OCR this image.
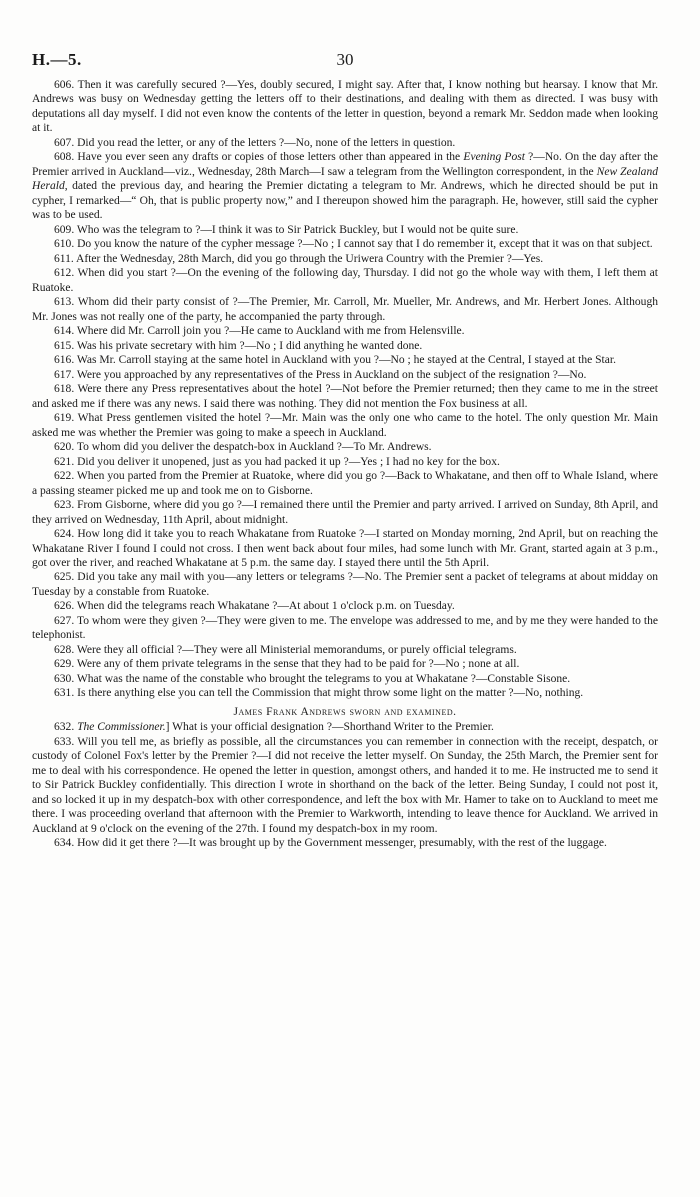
H.—5.	30

606. Then it was carefully secured ?—Yes, doubly secured, I might say. After that, I know nothing but hearsay. I know that Mr. Andrews was busy on Wednesday getting the letters off to their destinations, and dealing with them as directed. I was busy with deputations all day myself. I did not even know the contents of the letter in question, beyond a remark Mr. Seddon made when looking at it.

607. Did you read the letter, or any of the letters ?—No, none of the letters in question.

608. Have you ever seen any drafts or copies of those letters other than appeared in the Evening Post ?—No. On the day after the Premier arrived in Auckland—viz., Wednesday, 28th March—I saw a telegram from the Wellington correspondent, in the New Zealand Herald, dated the previous day, and hearing the Premier dictating a telegram to Mr. Andrews, which he directed should be put in cypher, I remarked—“ Oh, that is public property now,” and I thereupon showed him the paragraph. He, however, still said the cypher was to be used.

609. Who was the telegram to ?—I think it was to Sir Patrick Buckley, but I would not be quite sure.

610. Do you know the nature of the cypher message ?—No ; I cannot say that I do remember it, except that it was on that subject.

611. After the Wednesday, 28th March, did you go through the Uriwera Country with the Premier ?—Yes.

612. When did you start ?—On the evening of the following day, Thursday. I did not go the whole way with them, I left them at Ruatoke.

613. Whom did their party consist of ?—The Premier, Mr. Carroll, Mr. Mueller, Mr. Andrews, and Mr. Herbert Jones. Although Mr. Jones was not really one of the party, he accompanied the party through.

614. Where did Mr. Carroll join you ?—He came to Auckland with me from Helensville.

615. Was his private secretary with him ?—No ; I did anything he wanted done.

616. Was Mr. Carroll staying at the same hotel in Auckland with you ?—No ; he stayed at the Central, I stayed at the Star.

617. Were you approached by any representatives of the Press in Auckland on the subject of the resignation ?—No.

618. Were there any Press representatives about the hotel ?—Not before the Premier returned; then they came to me in the street and asked me if there was any news. I said there was nothing. They did not mention the Fox business at all.

619. What Press gentlemen visited the hotel ?—Mr. Main was the only one who came to the hotel. The only question Mr. Main asked me was whether the Premier was going to make a speech in Auckland.

620. To whom did you deliver the despatch-box in Auckland ?—To Mr. Andrews.

621. Did you deliver it unopened, just as you had packed it up ?—Yes ; I had no key for the box.

622. When you parted from the Premier at Ruatoke, where did you go ?—Back to Whakatane, and then off to Whale Island, where a passing steamer picked me up and took me on to Gisborne.

623. From Gisborne, where did you go ?—I remained there until the Premier and party arrived. I arrived on Sunday, 8th April, and they arrived on Wednesday, 11th April, about midnight.

624. How long did it take you to reach Whakatane from Ruatoke ?—I started on Monday morning, 2nd April, but on reaching the Whakatane River I found I could not cross. I then went back about four miles, had some lunch with Mr. Grant, started again at 3 p.m., got over the river, and reached Whakatane at 5 p.m. the same day. I stayed there until the 5th April.

625. Did you take any mail with you—any letters or telegrams ?—No. The Premier sent a packet of telegrams at about midday on Tuesday by a constable from Ruatoke.

626. When did the telegrams reach Whakatane ?—At about 1 o'clock p.m. on Tuesday.

627. To whom were they given ?—They were given to me. The envelope was addressed to me, and by me they were handed to the telephonist.

628. Were they all official ?—They were all Ministerial memorandums, or purely official telegrams.

629. Were any of them private telegrams in the sense that they had to be paid for ?—No ; none at all.

630. What was the name of the constable who brought the telegrams to you at Whakatane ?—Constable Sisone.

631. Is there anything else you can tell the Commission that might throw some light on the matter ?—No, nothing.

James Frank Andrews sworn and examined.

632. The Commissioner.] What is your official designation ?—Shorthand Writer to the Premier.

633. Will you tell me, as briefly as possible, all the circumstances you can remember in connection with the receipt, despatch, or custody of Colonel Fox's letter by the Premier ?—I did not receive the letter myself. On Sunday, the 25th March, the Premier sent for me to deal with his correspondence. He opened the letter in question, amongst others, and handed it to me. He instructed me to send it to Sir Patrick Buckley confidentially. This direction I wrote in shorthand on the back of the letter. Being Sunday, I could not post it, and so locked it up in my despatch-box with other correspondence, and left the box with Mr. Hamer to take on to Auckland to meet me there. I was proceeding overland that afternoon with the Premier to Warkworth, intending to leave thence for Auckland. We arrived in Auckland at 9 o'clock on the evening of the 27th. I found my despatch-box in my room.

634. How did it get there ?—It was brought up by the Government messenger, presumably, with the rest of the luggage.
